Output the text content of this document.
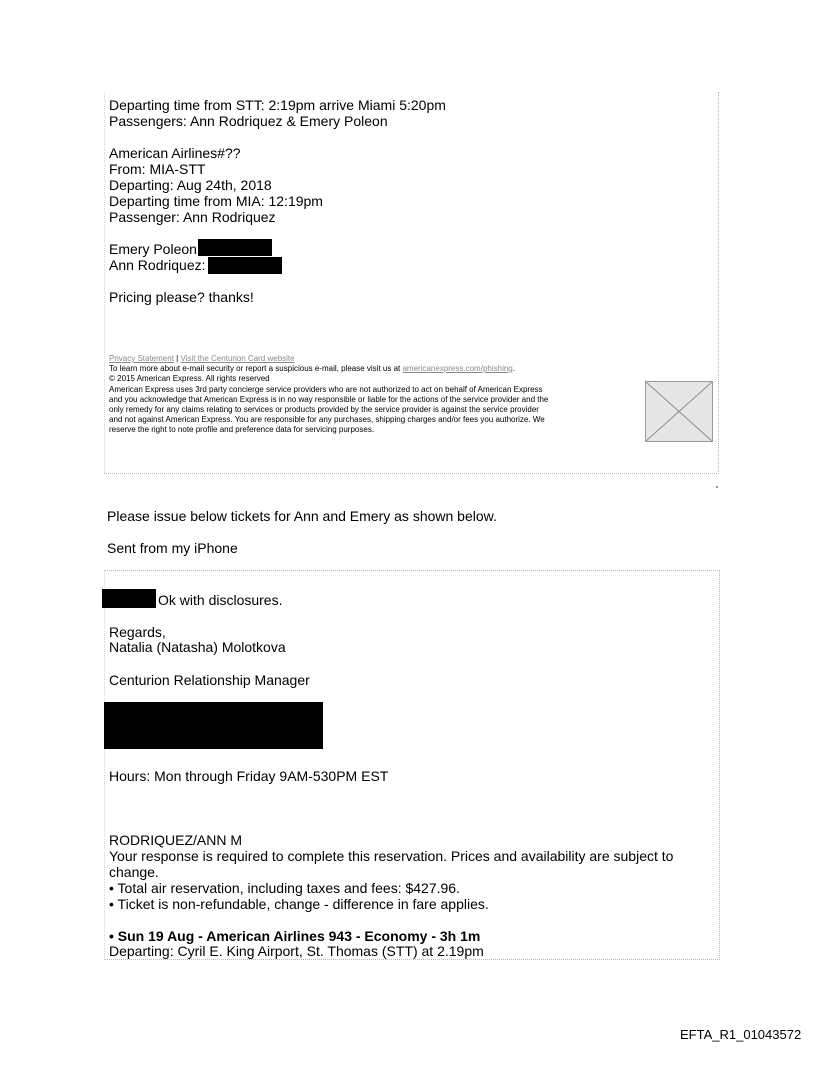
Departing time from STT: 2:19pm arrive Miami 5:20pm
Passengers: Ann Rodriquez & Emery Poleon
American Airlines#??
From: MIA-STT
Departing: Aug 24th, 2018
Departing time from MIA: 12:19pm
Passenger: Ann Rodriquez
Emery Poleon
Ann Rodriquez:
Pricing please? thanks!
Privacy Statement | Visit the Centurion Card website
To learn more about e-mail security or report a suspicious e-mail, please visit us at americanexpress.com/phishing.
© 2015 American Express. All rights reserved
American Express uses 3rd party concierge service providers who are not authorized to act on behalf of American Express
and you acknowledge that American Express is in no way responsible or liable for the actions of the service provider and the
only remedy for any claims relating to services or products provided by the service provider is against the service provider
and not against American Express. You are responsible for any purchases, shipping charges and/or fees you authorize. We
reserve the right to note profile and preference data for servicing purposes.
Please issue below tickets for Ann and Emery as shown below.
Sent from my iPhone
Ok with disclosures.
Regards,
Natalia (Natasha) Molotkova
Centurion Relationship Manager
Hours: Mon through Friday 9AM-530PM EST
RODRIQUEZ/ANN M
Your response is required to complete this reservation. Prices and availability are subject to
change.
• Total air reservation, including taxes and fees: $427.96.
• Ticket is non-refundable, change - difference in fare applies.
• Sun 19 Aug - American Airlines 943 - Economy - 3h 1m
Departing: Cyril E. King Airport, St. Thomas (STT) at 2.19pm
EFTA_R1_01043572
